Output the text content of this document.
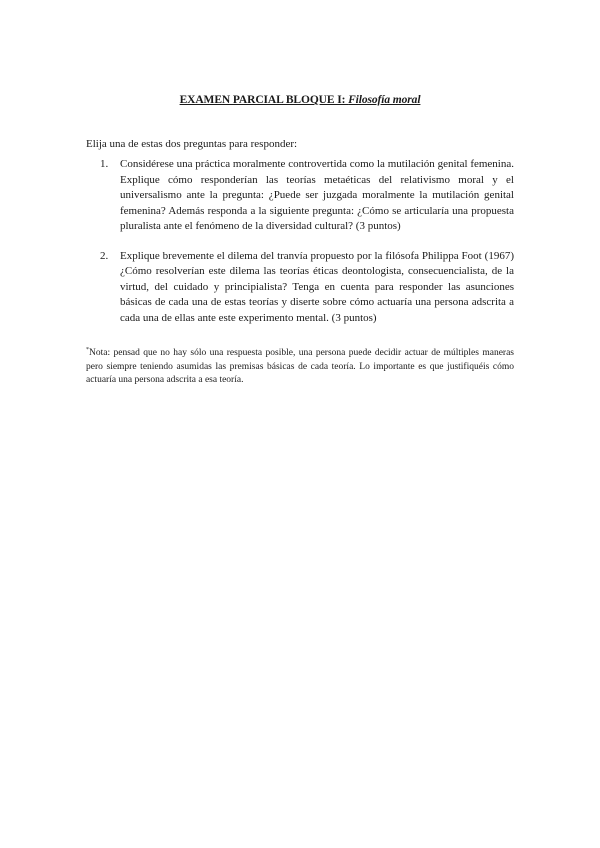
EXAMEN PARCIAL BLOQUE I: Filosofía moral
Elija una de estas dos preguntas para responder:
1. Considérese una práctica moralmente controvertida como la mutilación genital femenina. Explique cómo responderían las teorías metaéticas del relativismo moral y el universalismo ante la pregunta: ¿Puede ser juzgada moralmente la mutilación genital femenina? Además responda a la siguiente pregunta: ¿Cómo se articularía una propuesta pluralista ante el fenómeno de la diversidad cultural? (3 puntos)
2. Explique brevemente el dilema del tranvía propuesto por la filósofa Philippa Foot (1967) ¿Cómo resolverían este dilema las teorías éticas deontologista, consecuencialista, de la virtud, del cuidado y principialista? Tenga en cuenta para responder las asunciones básicas de cada una de estas teorías y diserte sobre cómo actuaría una persona adscrita a cada una de ellas ante este experimento mental. (3 puntos)
*Nota: pensad que no hay sólo una respuesta posible, una persona puede decidir actuar de múltiples maneras pero siempre teniendo asumidas las premisas básicas de cada teoría. Lo importante es que justifiquéis cómo actuaría una persona adscrita a esa teoría.
